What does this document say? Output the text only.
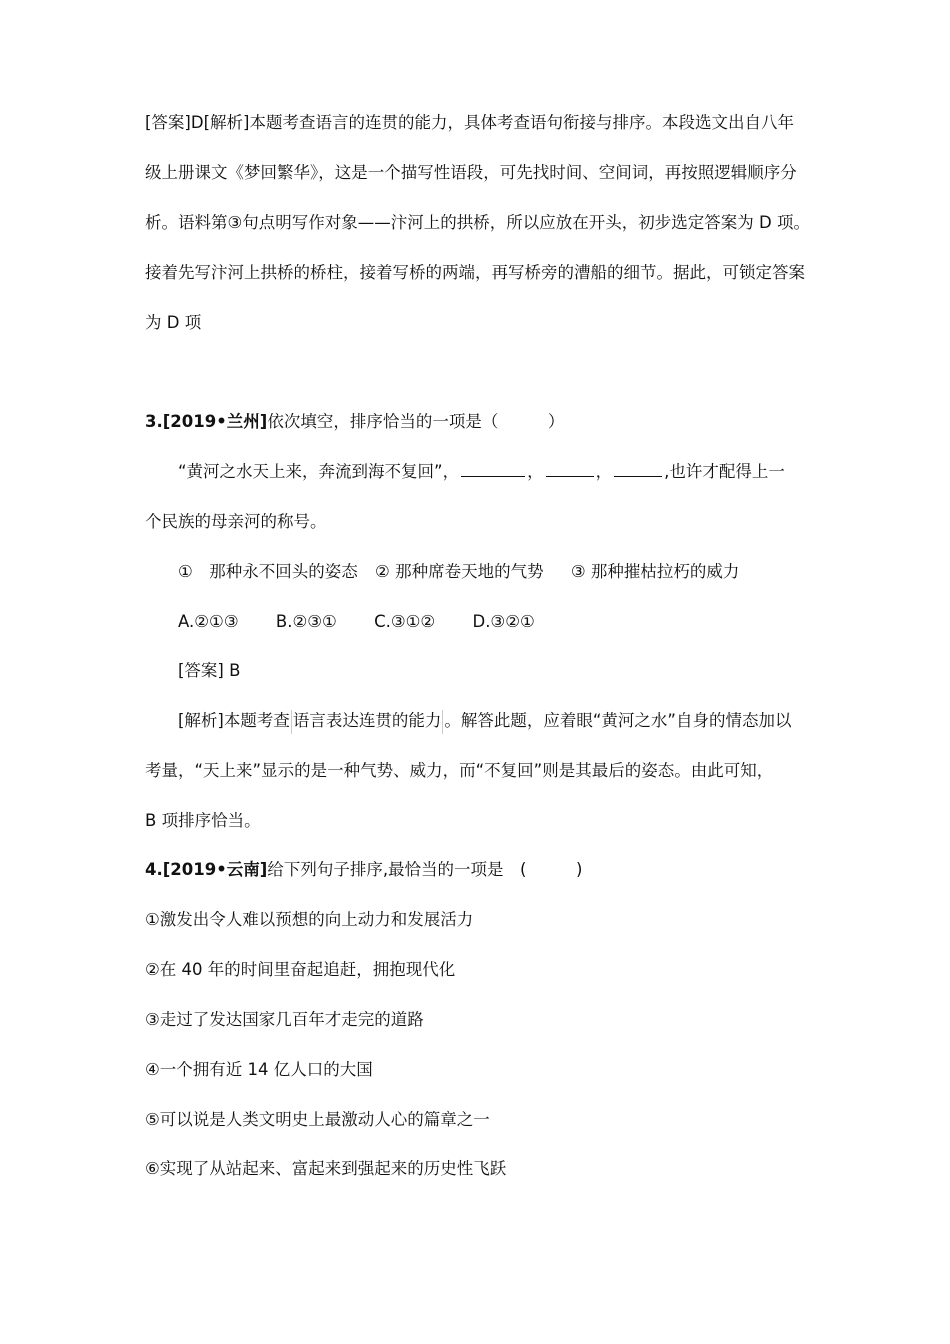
[答案]D[解析]本题考查语言的连贯的能力，具体考查语句衔接与排序。本段选文出自八年
级上册课文《梦回繁华》，这是一个描写性语段，可先找时间、空间词，再按照逻辑顺序分
析。语料第③句点明写作对象——汴河上的拱桥，所以应放在开头，初步选定答案为 D 项。
接着先写汴河上拱桥的桥柱，接着写桥的两端，再写桥旁的漕船的细节。据此，可锁定答案
为 D 项
3.[2019•兰州]依次填空，排序恰当的一项是（　　　）
“黄河之水天上来，奔流到海不复回”，	，	，	,也许才配得上一
个民族的母亲河的称号。
①　那种永不回头的姿态 ② 那种席卷天地的气势 ③ 那种摧枯拉朽的威力
A.②①③ B.②③① C.③①② D.③②①
[答案] B
[解析]本题考查 语言表达连贯的能力 。解答此题，应着眼“黄河之水”自身的情态加以
考量，“天上来”显示的是一种气势、威力，而“不复回”则是其最后的姿态。由此可知，
B 项排序恰当。
4.[2019•云南]给下列句子排序,最恰当的一项是　(　　　)
①激发出令人难以预想的向上动力和发展活力
②在 40 年的时间里奋起追赶，拥抱现代化
③走过了发达国家几百年才走完的道路
④一个拥有近 14 亿人口的大国
⑤可以说是人类文明史上最激动人心的篇章之一
⑥实现了从站起来、富起来到强起来的历史性飞跃
